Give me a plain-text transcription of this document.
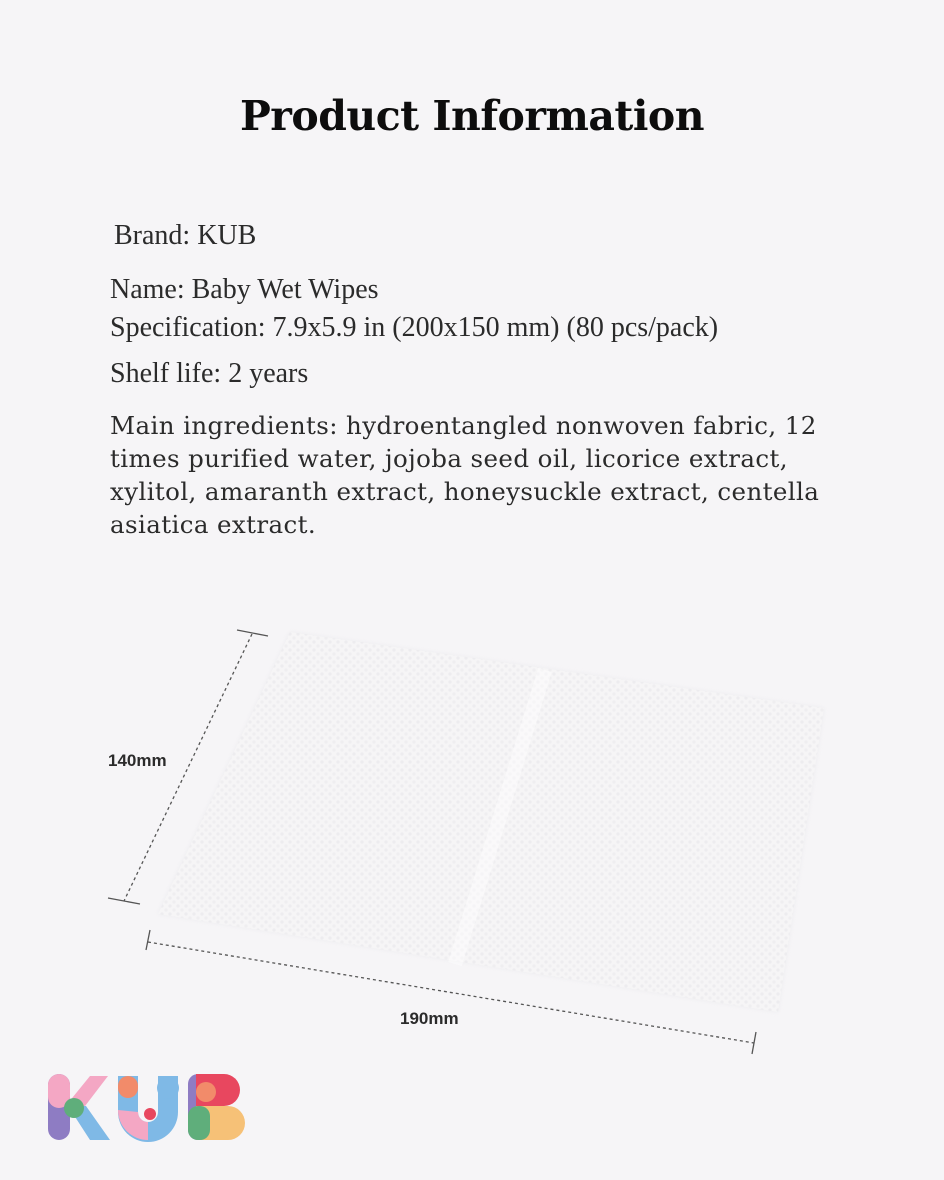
Product Information

Brand: KUB

Name: Baby Wet Wipes
Specification: 7.9x5.9 in (200x150 mm) (80 pcs/pack)

Shelf life: 2 years

Main ingredients: hydroentangled nonwoven fabric, 12 times purified water, jojoba seed oil, licorice extract, xylitol, amaranth extract, honeysuckle extract, centella asiatica extract.

140mm
190mm
